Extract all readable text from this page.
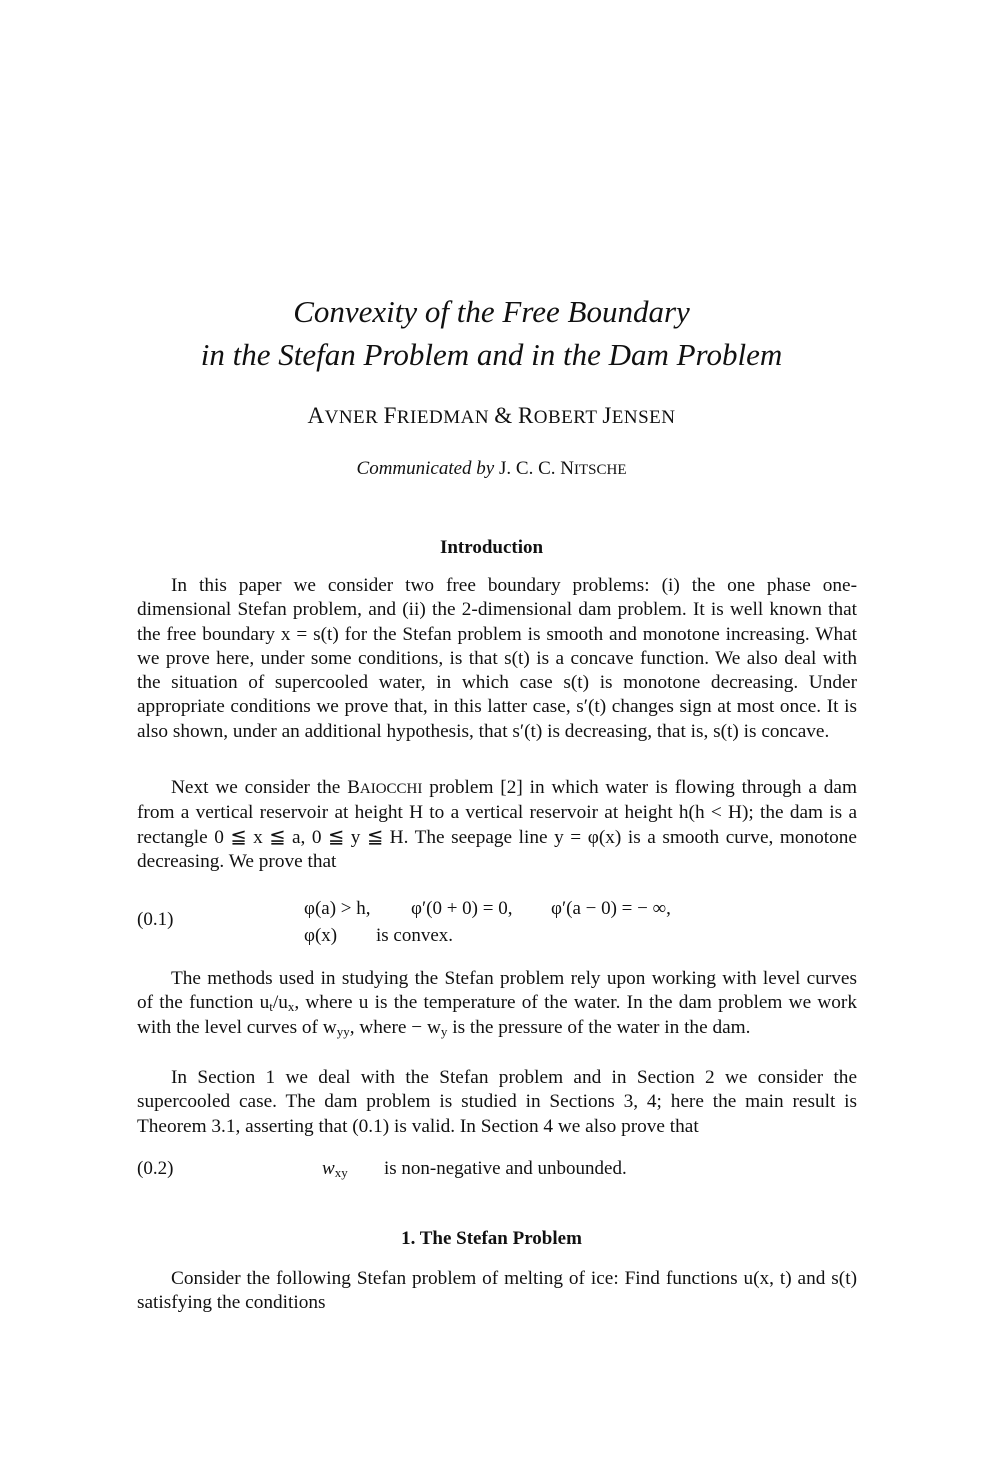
Convexity of the Free Boundary
in the Stefan Problem and in the Dam Problem
AVNER FRIEDMAN & ROBERT JENSEN
Communicated by J. C. C. NITSCHE
Introduction

In this paper we consider two free boundary problems: (i) the one phase one-dimensional Stefan problem, and (ii) the 2-dimensional dam problem. It is well known that the free boundary x = s(t) for the Stefan problem is smooth and monotone increasing. What we prove here, under some conditions, is that s(t) is a concave function. We also deal with the situation of supercooled water, in which case s(t) is monotone decreasing. Under appropriate conditions we prove that, in this latter case, s′(t) changes sign at most once. It is also shown, under an additional hypothesis, that s′(t) is decreasing, that is, s(t) is concave.

Next we consider the BAIOCCHI problem [2] in which water is flowing through a dam from a vertical reservoir at height H to a vertical reservoir at height h(h < H); the dam is a rectangle 0 ≦ x ≦ a, 0 ≦ y ≦ H. The seepage line y = φ(x) is a smooth curve, monotone decreasing. We prove that

(0.1)
φ(a) > h, φ′(0 + 0) = 0, φ′(a − 0) = − ∞,
φ(x) is convex.

The methods used in studying the Stefan problem rely upon working with level curves of the function $u_t/u_x$, where u is the temperature of the water. In the dam problem we work with the level curves of $w_{yy}$, where − $w_y$ is the pressure of the water in the dam.

In Section 1 we deal with the Stefan problem and in Section 2 we consider the supercooled case. The dam problem is studied in Sections 3, 4; here the main result is Theorem 3.1, asserting that (0.1) is valid. In Section 4 we also prove that

(0.2)	$w_{xy}$ is non-negative and unbounded.
1. The Stefan Problem

Consider the following Stefan problem of melting of ice: Find functions u(x, t) and s(t) satisfying the conditions
